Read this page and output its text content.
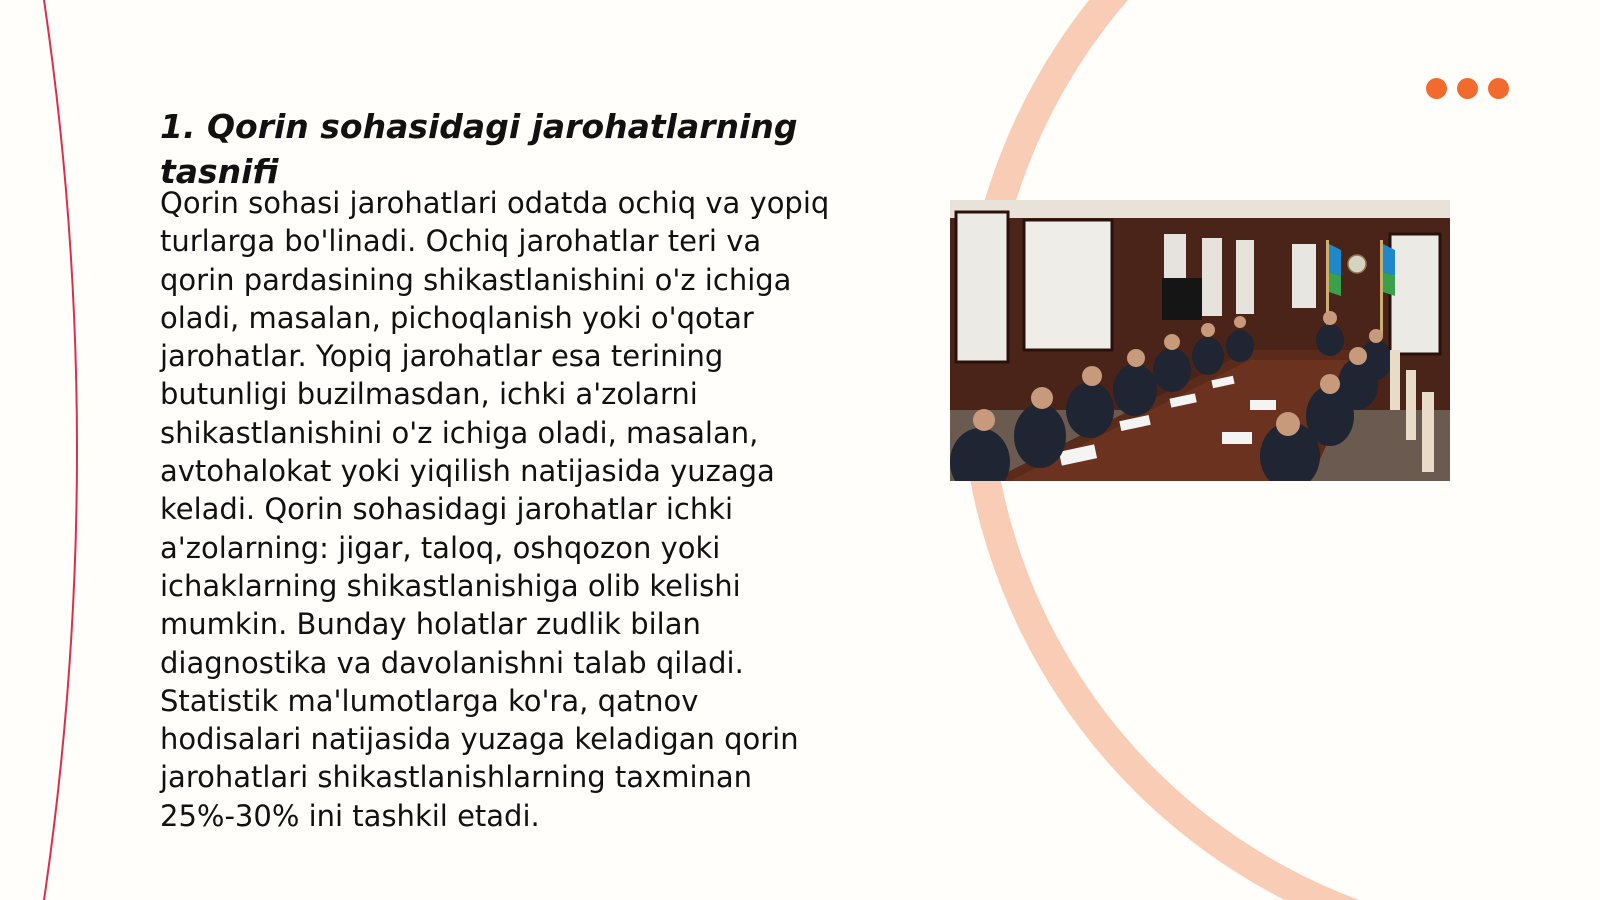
1. Qorin sohasidagi jarohatlarning tasnifi

Qorin sohasi jarohatlari odatda ochiq va yopiq turlarga bo'linadi. Ochiq jarohatlar teri va qorin pardasining shikastlanishini o'z ichiga oladi, masalan, pichoqlanish yoki o'qotar jarohatlar. Yopiq jarohatlar esa terining butunligi buzilmasdan, ichki a'zolarni shikastlanishini o'z ichiga oladi, masalan, avtohalokat yoki yiqilish natijasida yuzaga keladi. Qorin sohasidagi jarohatlar ichki a'zolarning: jigar, taloq, oshqozon yoki ichaklarning shikastlanishiga olib kelishi mumkin. Bunday holatlar zudlik bilan diagnostika va davolanishni talab qiladi. Statistik ma'lumotlarga ko'ra, qatnov hodisalari natijasida yuzaga keladigan qorin jarohatlari shikastlanishlarning taxminan 25%-30% ini tashkil etadi.
